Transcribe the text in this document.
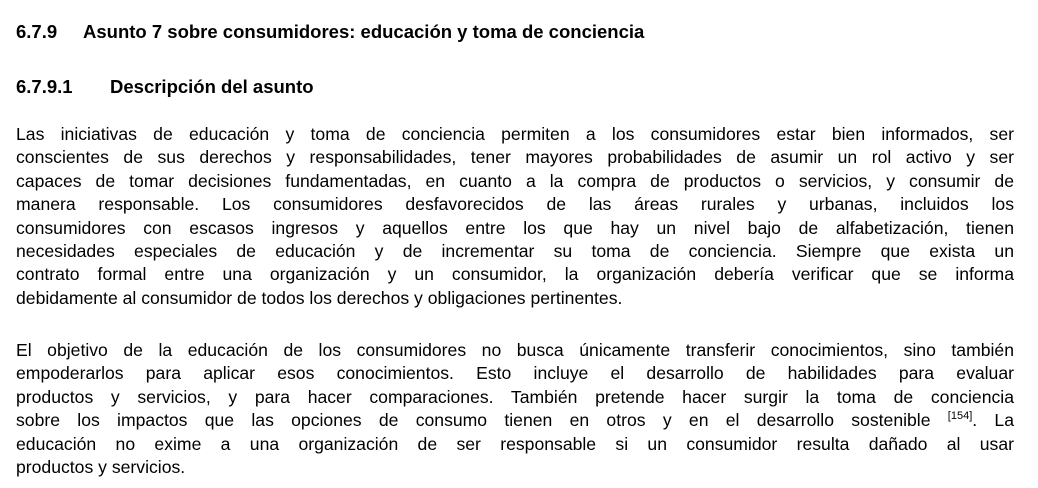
6.7.9 Asunto 7 sobre consumidores: educación y toma de conciencia
6.7.9.1 Descripción del asunto
Las iniciativas de educación y toma de conciencia permiten a los consumidores estar bien informados, ser
conscientes de sus derechos y responsabilidades, tener mayores probabilidades de asumir un rol activo y ser
capaces de tomar decisiones fundamentadas, en cuanto a la compra de productos o servicios, y consumir de
manera responsable. Los consumidores desfavorecidos de las áreas rurales y urbanas, incluidos los
consumidores con escasos ingresos y aquellos entre los que hay un nivel bajo de alfabetización, tienen
necesidades especiales de educación y de incrementar su toma de conciencia. Siempre que exista un
contrato formal entre una organización y un consumidor, la organización debería verificar que se informa
debidamente al consumidor de todos los derechos y obligaciones pertinentes.
El objetivo de la educación de los consumidores no busca únicamente transferir conocimientos, sino también
empoderarlos para aplicar esos conocimientos. Esto incluye el desarrollo de habilidades para evaluar
productos y servicios, y para hacer comparaciones. También pretende hacer surgir la toma de conciencia
sobre los impactos que las opciones de consumo tienen en otros y en el desarrollo sostenible [154]. La
educación no exime a una organización de ser responsable si un consumidor resulta dañado al usar
productos y servicios.
